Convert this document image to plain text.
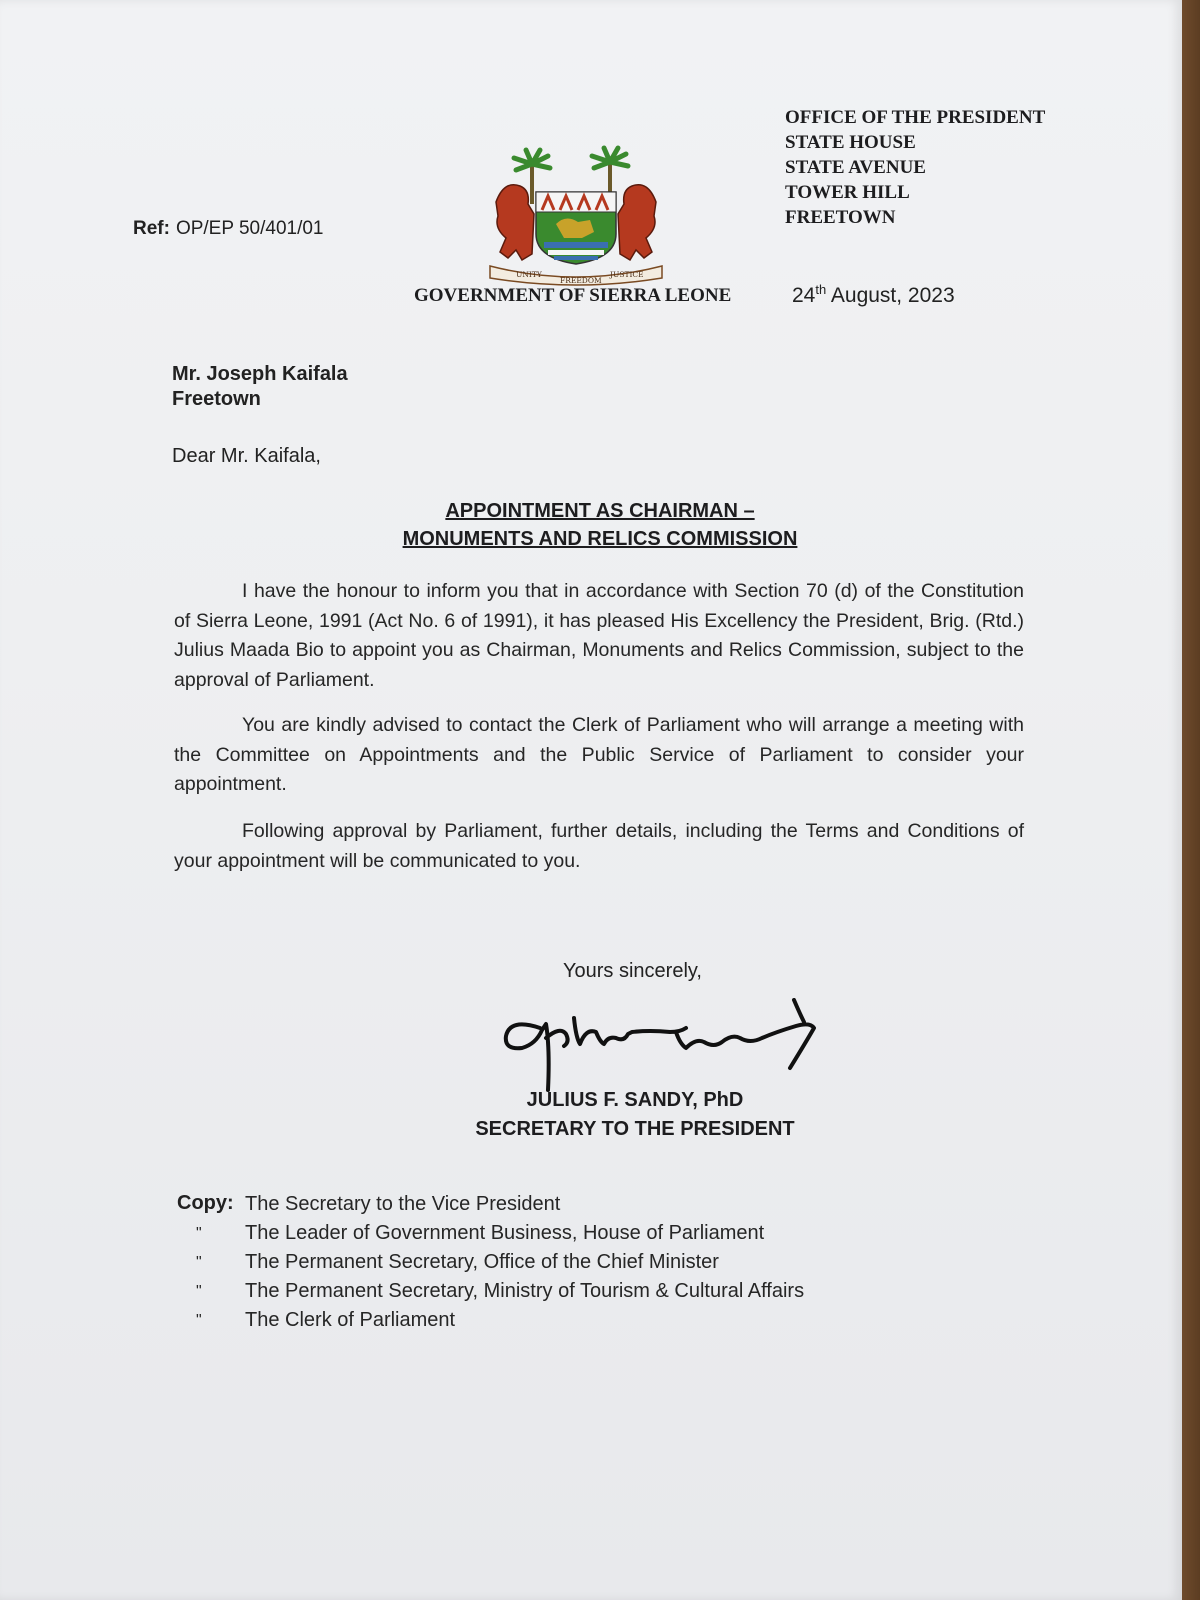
OFFICE OF THE PRESIDENT
STATE HOUSE
STATE AVENUE
TOWER HILL
FREETOWN
Ref: OP/EP 50/401/01
UNITY
FREEDOM
JUSTICE
GOVERNMENT OF SIERRA LEONE	24th August, 2023
Mr. Joseph Kaifala
Freetown
Dear Mr. Kaifala,
APPOINTMENT AS CHAIRMAN –
MONUMENTS AND RELICS COMMISSION
I have the honour to inform you that in accordance with Section 70 (d) of the Constitution of Sierra Leone, 1991 (Act No. 6 of 1991), it has pleased His Excellency the President, Brig. (Rtd.) Julius Maada Bio to appoint you as Chairman, Monuments and Relics Commission, subject to the approval of Parliament.
You are kindly advised to contact the Clerk of Parliament who will arrange a meeting with the Committee on Appointments and the Public Service of Parliament to consider your appointment.
Following approval by Parliament, further details, including the Terms and Conditions of your appointment will be communicated to you.
Yours sincerely,
JULIUS F. SANDY, PhD
SECRETARY TO THE PRESIDENT
Copy: The Secretary to the Vice President
" The Leader of Government Business, House of Parliament
" The Permanent Secretary, Office of the Chief Minister
" The Permanent Secretary, Ministry of Tourism & Cultural Affairs
" The Clerk of Parliament
